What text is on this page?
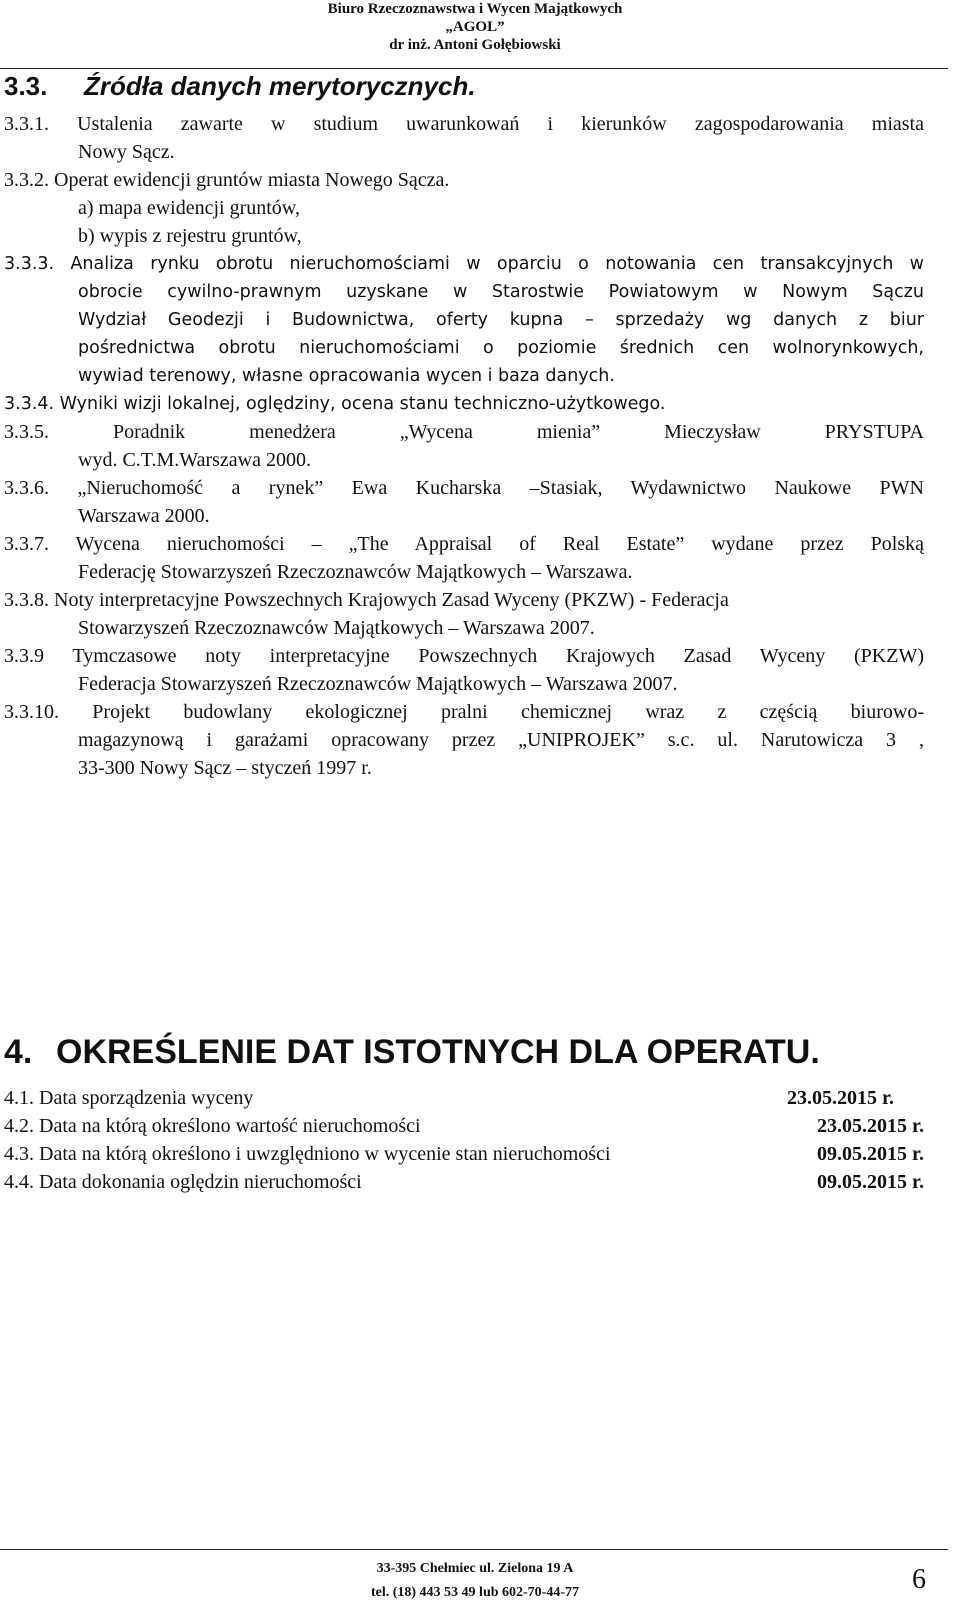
Biuro Rzeczoznawstwa i Wycen Majątkowych
„AGOL”
dr inż. Antoni Gołębiowski
3.3. Źródła danych merytorycznych.
3.3.1. Ustalenia zawarte w studium uwarunkowań i kierunków zagospodarowania miasta
Nowy Sącz.
3.3.2. Operat ewidencji gruntów miasta Nowego Sącza.
a) mapa ewidencji gruntów,
b) wypis z rejestru gruntów,
3.3.3. Analiza rynku obrotu nieruchomościami w oparciu o notowania cen transakcyjnych w
obrocie cywilno-prawnym uzyskane w Starostwie Powiatowym w Nowym Sączu
Wydział Geodezji i Budownictwa, oferty kupna – sprzedaży wg danych z biur
pośrednictwa obrotu nieruchomościami o poziomie średnich cen wolnorynkowych,
wywiad terenowy, własne opracowania wycen i baza danych.
3.3.4. Wyniki wizji lokalnej, oględziny, ocena stanu techniczno-użytkowego.
3.3.5. Poradnik menedżera „Wycena mienia” Mieczysław PRYSTUPA
wyd. C.T.M.Warszawa 2000.
3.3.6. „Nieruchomość a rynek” Ewa Kucharska –Stasiak, Wydawnictwo Naukowe PWN
Warszawa 2000.
3.3.7. Wycena nieruchomości – „The Appraisal of Real Estate” wydane przez Polską
Federację Stowarzyszeń Rzeczoznawców Majątkowych – Warszawa.
3.3.8. Noty interpretacyjne Powszechnych Krajowych Zasad Wyceny (PKZW) - Federacja
Stowarzyszeń Rzeczoznawców Majątkowych – Warszawa 2007.
3.3.9 Tymczasowe noty interpretacyjne Powszechnych Krajowych Zasad Wyceny (PKZW)
Federacja Stowarzyszeń Rzeczoznawców Majątkowych – Warszawa 2007.
3.3.10. Projekt budowlany ekologicznej pralni chemicznej wraz z częścią biurowo-
magazynową i garażami opracowany przez „UNIPROJEK” s.c. ul. Narutowicza 3 ,
33-300 Nowy Sącz – styczeń 1997 r.
4. OKREŚLENIE DAT ISTOTNYCH DLA OPERATU.
4.1. Data sporządzenia wyceny	23.05.2015 r.
4.2. Data na którą określono wartość nieruchomości	23.05.2015 r.
4.3. Data na którą określono i uwzględniono w wycenie stan nieruchomości	09.05.2015 r.
4.4. Data dokonania oględzin nieruchomości	09.05.2015 r.
33-395 Chełmiec ul. Zielona 19 A
tel. (18) 443 53 49 lub 602-70-44-77	6
